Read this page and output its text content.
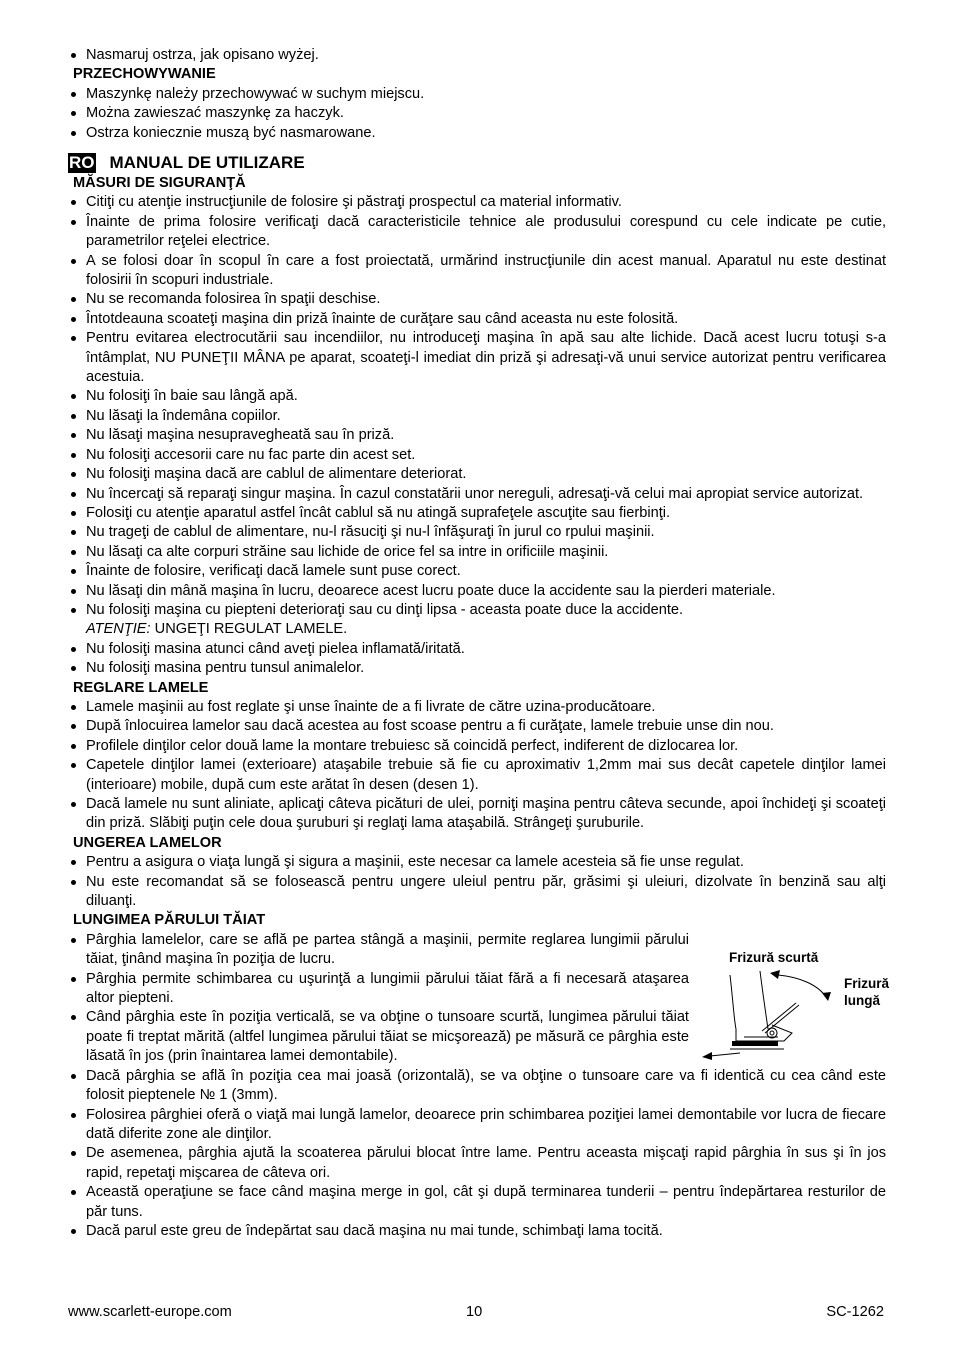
Nasmaruj ostrza, jak opisano wyżej.
PRZECHOWYWANIE
Maszynkę należy przechowywać w suchym miejscu.
Można zawieszać maszynkę za haczyk.
Ostrza koniecznie muszą być nasmarowane.
RO MANUAL DE UTILIZARE
MĂSURI DE SIGURANŢĂ
Citiţi cu atenţie instrucţiunile de folosire şi păstraţi prospectul ca material informativ.
Înainte de prima folosire verificaţi dacă caracteristicile tehnice ale produsului corespund cu cele indicate pe cutie, parametrilor reţelei electrice.
A se folosi doar în scopul în care a fost proiectată, urmărind instrucţiunile din acest manual. Aparatul nu este destinat folosirii în scopuri industriale.
Nu se recomanda folosirea în spaţii deschise.
Întotdeauna scoateţi maşina din priză înainte de curăţare sau când aceasta nu este folosită.
Pentru evitarea electrocutării sau incendiilor, nu introduceţi maşina în apă sau alte lichide. Dacă acest lucru totuşi s-a întâmplat, NU PUNEŢII MÂNA pe aparat, scoateţi-l imediat din priză şi adresaţi-vă unui service autorizat pentru verificarea acestuia.
Nu folosiţi în baie sau lângă apă.
Nu lăsaţi la îndemâna copiilor.
Nu lăsaţi maşina nesupravegheată sau în priză.
Nu folosiţi accesorii care nu fac parte din acest set.
Nu folosiţi maşina dacă are cablul de alimentare deteriorat.
Nu încercaţi să reparaţi singur maşina. În cazul constatării unor nereguli, adresaţi-vă celui mai apropiat service autorizat.
Folosiţi cu atenţie aparatul astfel încât cablul să nu atingă suprafeţele ascuţite sau fierbinţi.
Nu trageţi de cablul de alimentare, nu-l răsuciţi şi nu-l înfăşuraţi în jurul co rpului maşinii.
Nu lăsaţi ca alte corpuri străine sau lichide de orice fel sa intre in orificiile maşinii.
Înainte de folosire, verificaţi dacă lamele sunt puse corect.
Nu lăsaţi din mână maşina în lucru, deoarece acest lucru poate duce la accidente sau la pierderi materiale.
Nu folosiţi maşina cu piepteni deterioraţi sau cu dinţi lipsa - aceasta poate duce la accidente.
ATENŢIE: UNGEŢI REGULAT LAMELE.
Nu folosiţi masina atunci când aveţi pielea inflamată/iritată.
Nu folosiţi masina pentru tunsul animalelor.
REGLARE LAMELE
Lamele maşinii au fost reglate şi unse înainte de a fi livrate de către uzina-producătoare.
După înlocuirea lamelor sau dacă acestea au fost scoase pentru a fi curăţate, lamele trebuie unse din nou.
Profilele dinţilor celor două lame la montare trebuiesc să coincidă perfect, indiferent de dizlocarea lor.
Capetele dinţilor lamei (exterioare) ataşabile trebuie să fie cu aproximativ 1,2mm mai sus decât capetele dinţilor lamei (interioare) mobile, după cum este arătat în desen (desen 1).
Dacă lamele nu sunt aliniate, aplicaţi câteva picături de ulei, porniţi maşina pentru câteva secunde, apoi închideţi şi scoateţi din priză. Slăbiţi puţin cele doua şuruburi şi reglaţi lama ataşabilă. Strângeţi şuruburile.
UNGEREA LAMELOR
Pentru a asigura o viaţa lungă şi sigura a maşinii, este necesar ca lamele acesteia să fie unse regulat.
Nu este recomandat să se folosească pentru ungere uleiul pentru păr, grăsimi şi uleiuri, dizolvate în benzină sau alţi diluanţi.
LUNGIMEA PĂRULUI TĂIAT
Pârghia lamelelor, care se află pe partea stângă a maşinii, permite reglarea lungimii părului tăiat, ţinând maşina în poziţia de lucru.
Pârghia permite schimbarea cu uşurinţă a lungimii părului tăiat fără a fi necesară ataşarea altor piepteni.
Când pârghia este în poziţia verticală, se va obţine o tunsoare scurtă, lungimea părului tăiat poate fi treptat mărită (altfel lungimea părului tăiat se micşorează) pe măsură ce pârghia este lăsată în jos (prin înaintarea lamei demontabile).
Dacă pârghia se află în poziţia cea mai joasă (orizontală), se va obţine o tunsoare care va fi identică cu cea când este folosit pieptenele № 1 (3mm).
Folosirea pârghiei oferă o viaţă mai lungă lamelor, deoarece prin schimbarea poziţiei lamei demontabile vor lucra de fiecare dată diferite zone ale dinţilor.
De asemenea, pârghia ajută la scoaterea părului blocat între lame. Pentru aceasta mişcaţi rapid pârghia în sus şi în jos rapid, repetaţi mişcarea de câteva ori.
Această operaţiune se face când maşina merge in gol, cât şi după terminarea tunderii – pentru îndepărtarea resturilor de păr tuns.
Dacă parul este greu de îndepărtat sau dacă maşina nu mai tunde, schimbaţi lama tocită.
Frizură scurtă
Frizură
lungă
www.scarlett-europe.com	10	SC-1262
